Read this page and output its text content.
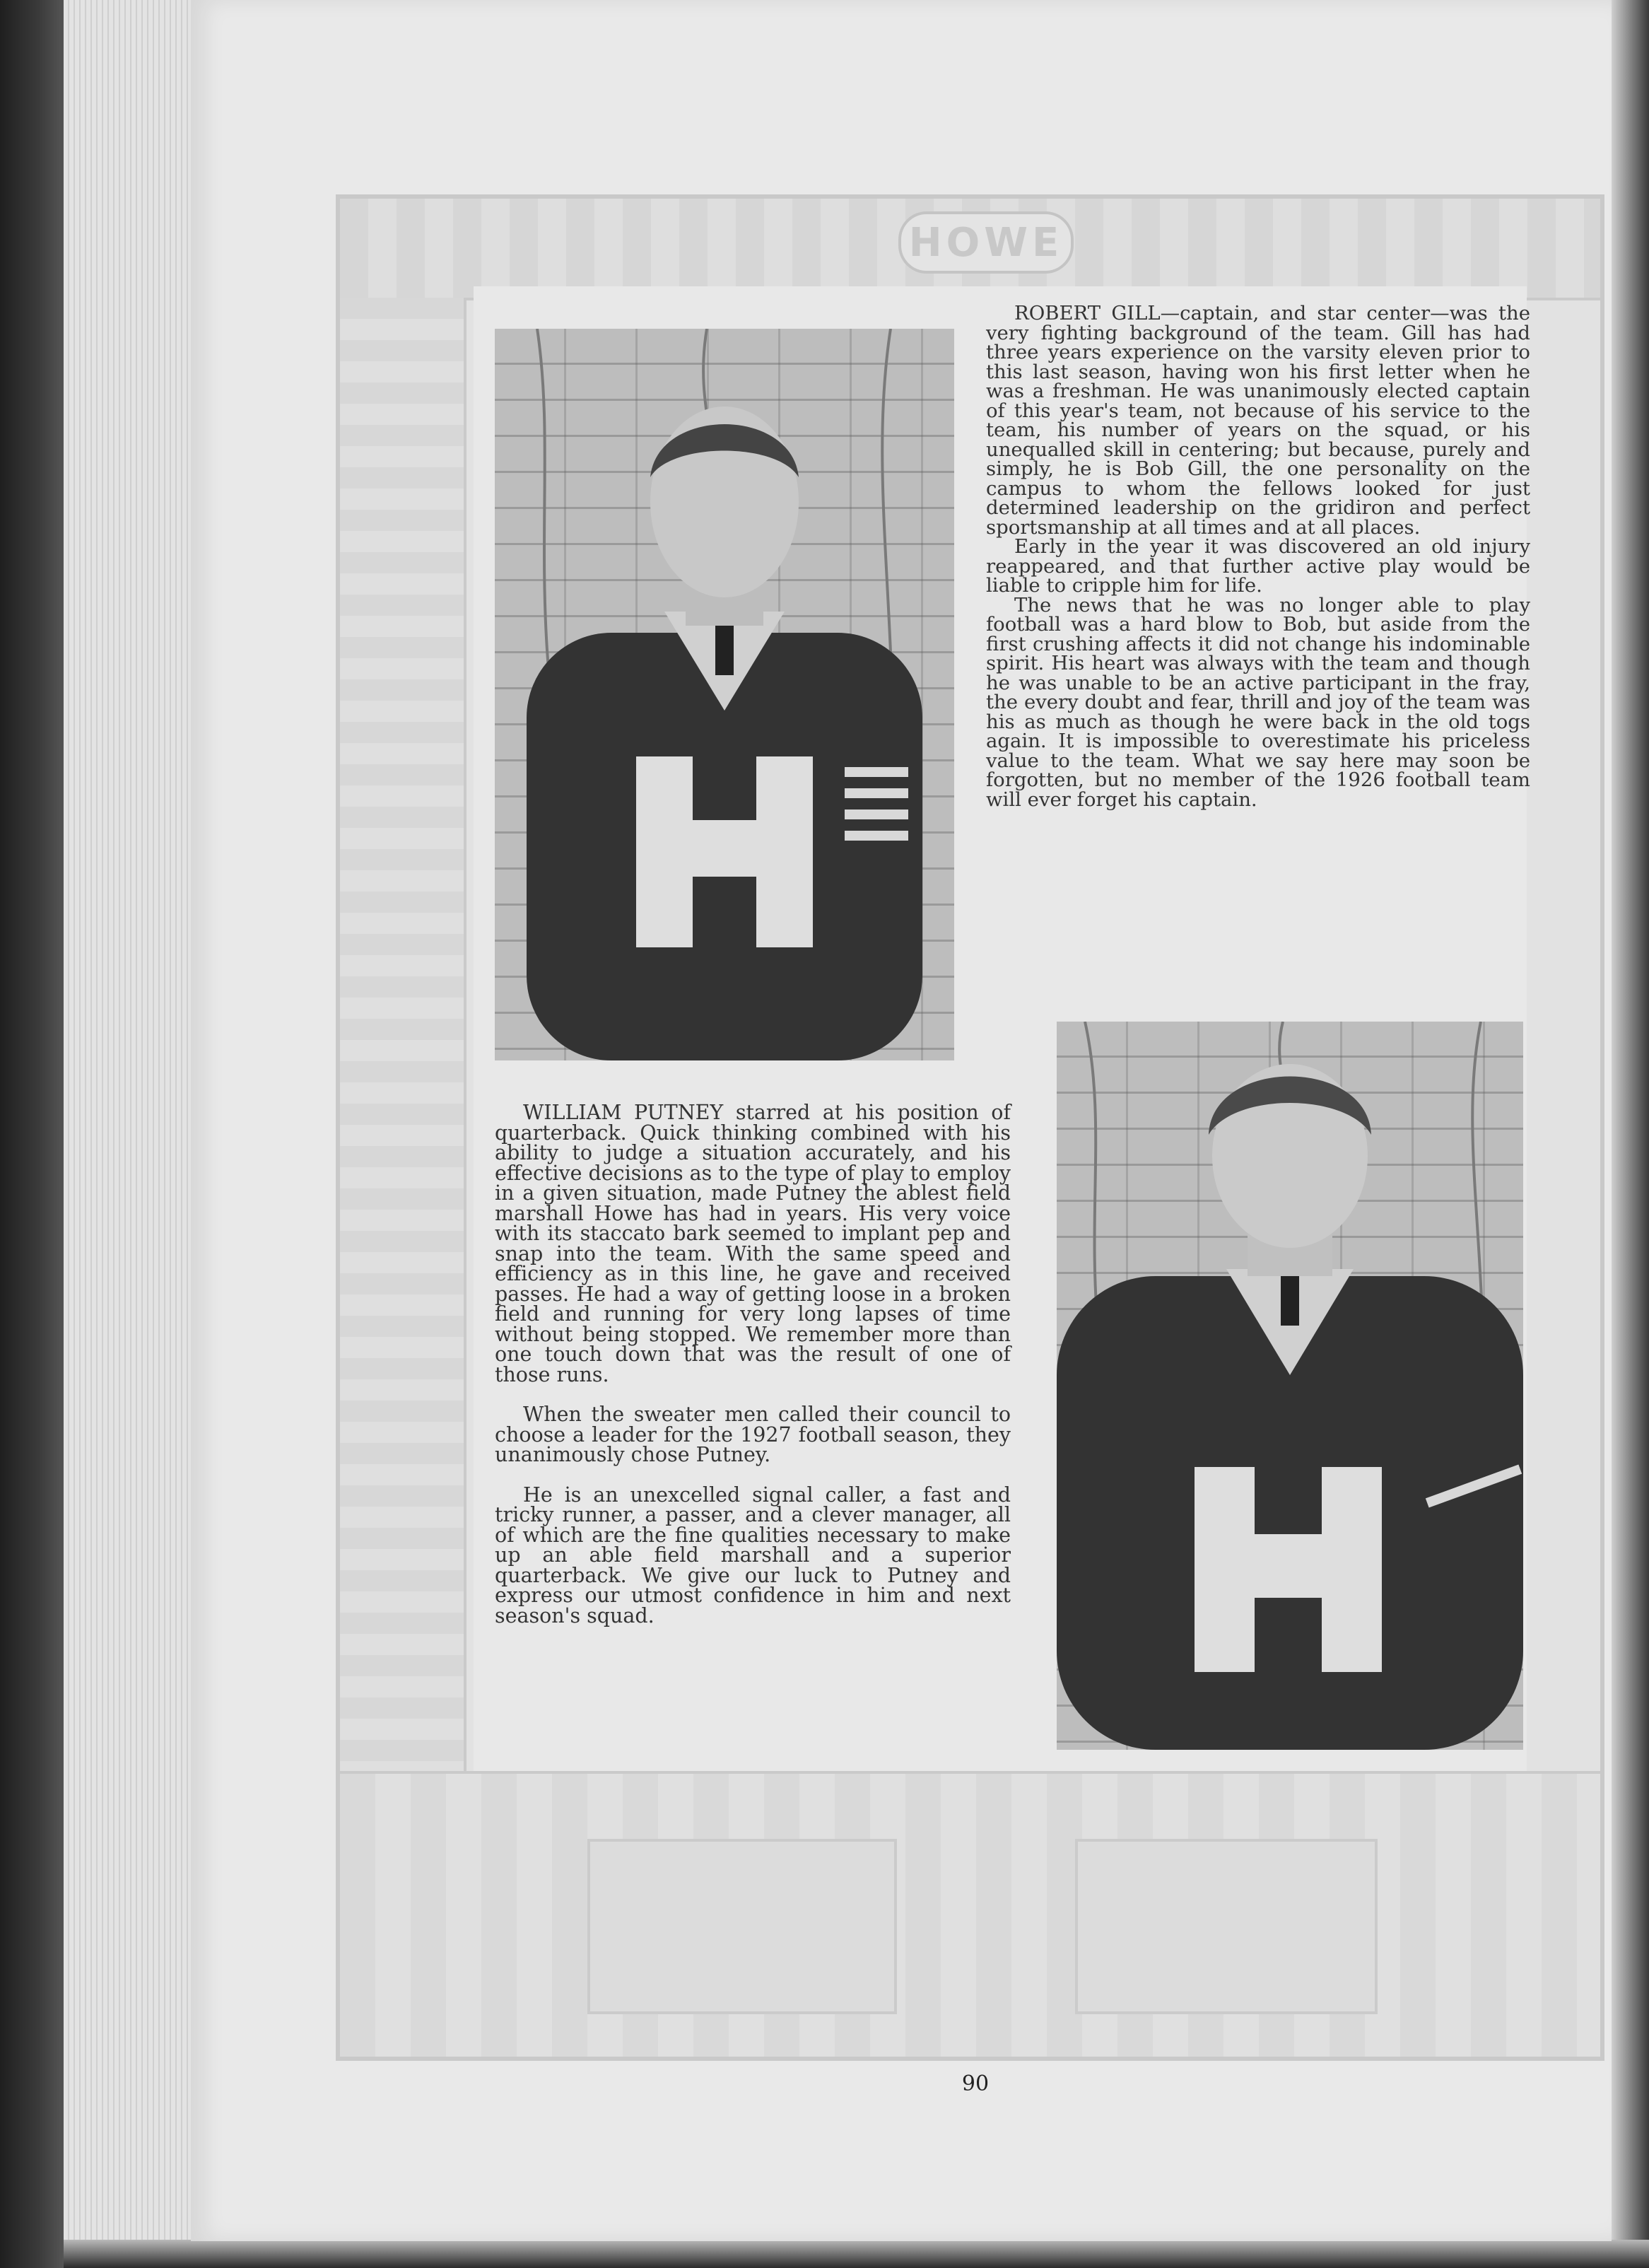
HOWE

ROBERT GILL—captain, and star center—was the very fighting background of the team. Gill has had three years experience on the varsity eleven prior to this last season, having won his first letter when he was a freshman. He was unanimously elected captain of this year's team, not because of his service to the team, his number of years on the squad, or his unequalled skill in centering; but because, purely and simply, he is Bob Gill, the one personality on the campus to whom the fellows looked for just determined leadership on the gridiron and perfect sportsmanship at all times and at all places.

Early in the year it was discovered an old injury reappeared, and that further active play would be liable to cripple him for life.

The news that he was no longer able to play football was a hard blow to Bob, but aside from the first crushing affects it did not change his indominable spirit. His heart was always with the team and though he was unable to be an active participant in the fray, the every doubt and fear, thrill and joy of the team was his as much as though he were back in the old togs again. It is impossible to overestimate his priceless value to the team. What we say here may soon be forgotten, but no member of the 1926 football team will ever forget his captain.

WILLIAM PUTNEY starred at his position of quarterback. Quick thinking combined with his ability to judge a situation accurately, and his effective decisions as to the type of play to employ in a given situation, made Putney the ablest field marshall Howe has had in years. His very voice with its staccato bark seemed to implant pep and snap into the team. With the same speed and efficiency as in this line, he gave and received passes. He had a way of getting loose in a broken field and running for very long lapses of time without being stopped. We remember more than one touch down that was the result of one of those runs.

When the sweater men called their council to choose a leader for the 1927 football season, they unanimously chose Putney.

He is an unexcelled signal caller, a fast and tricky runner, a passer, and a clever manager, all of which are the fine qualities necessary to make up an able field marshall and a superior quarterback. We give our luck to Putney and express our utmost confidence in him and next season's squad.

90
